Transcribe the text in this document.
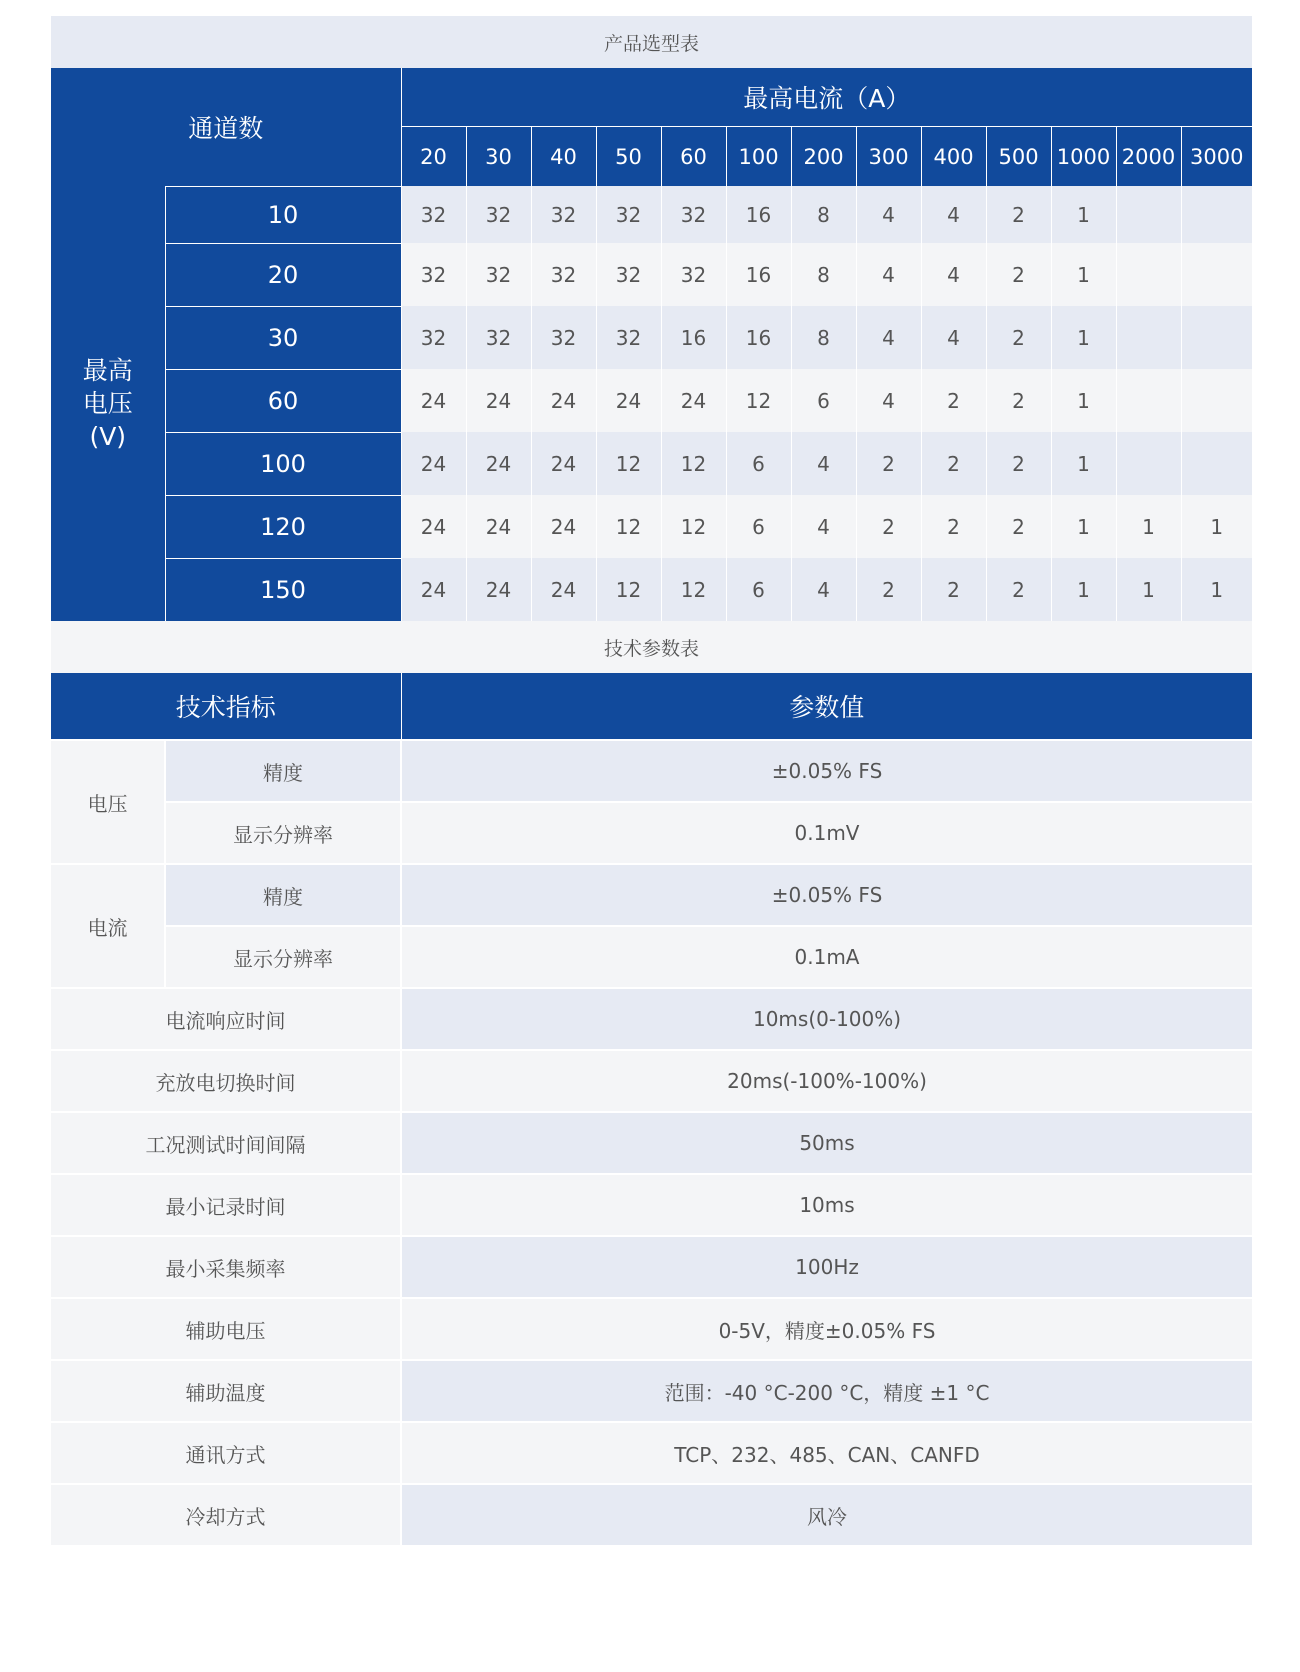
产品选型表
通道数		最高电流（A）												
		20	30	40	50	60	100	200	300	400	500	1000	2000	3000

最高
电压
(V)	10	32	32	32	32	32	16	8	4	4	2	1		
	20	32	32	32	32	32	16	8	4	4	2	1		
	30	32	32	32	32	16	16	8	4	4	2	1		
	60	24	24	24	24	24	12	6	4	2	2	1		
	100	24	24	24	12	12	6	4	2	2	2	1		
	120	24	24	24	12	12	6	4	2	2	2	1	1	1
	150	24	24	24	12	12	6	4	2	2	2	1	1	1
技术参数表
技术指标		参数值
电压	精度	±0.05% FS
	显示分辨率	0.1mV
电流	精度	±0.05% FS
	显示分辨率	0.1mA
电流响应时间		10ms(0-100%)
充放电切换时间		20ms(-100%-100%)
工况测试时间间隔		50ms
最小记录时间		10ms
最小采集频率		100Hz
辅助电压		0-5V，精度±0.05% FS
辅助温度		范围：-40 °C-200 °C，精度 ±1 °C
通讯方式		TCP、232、485、CAN、CANFD
冷却方式		风冷
